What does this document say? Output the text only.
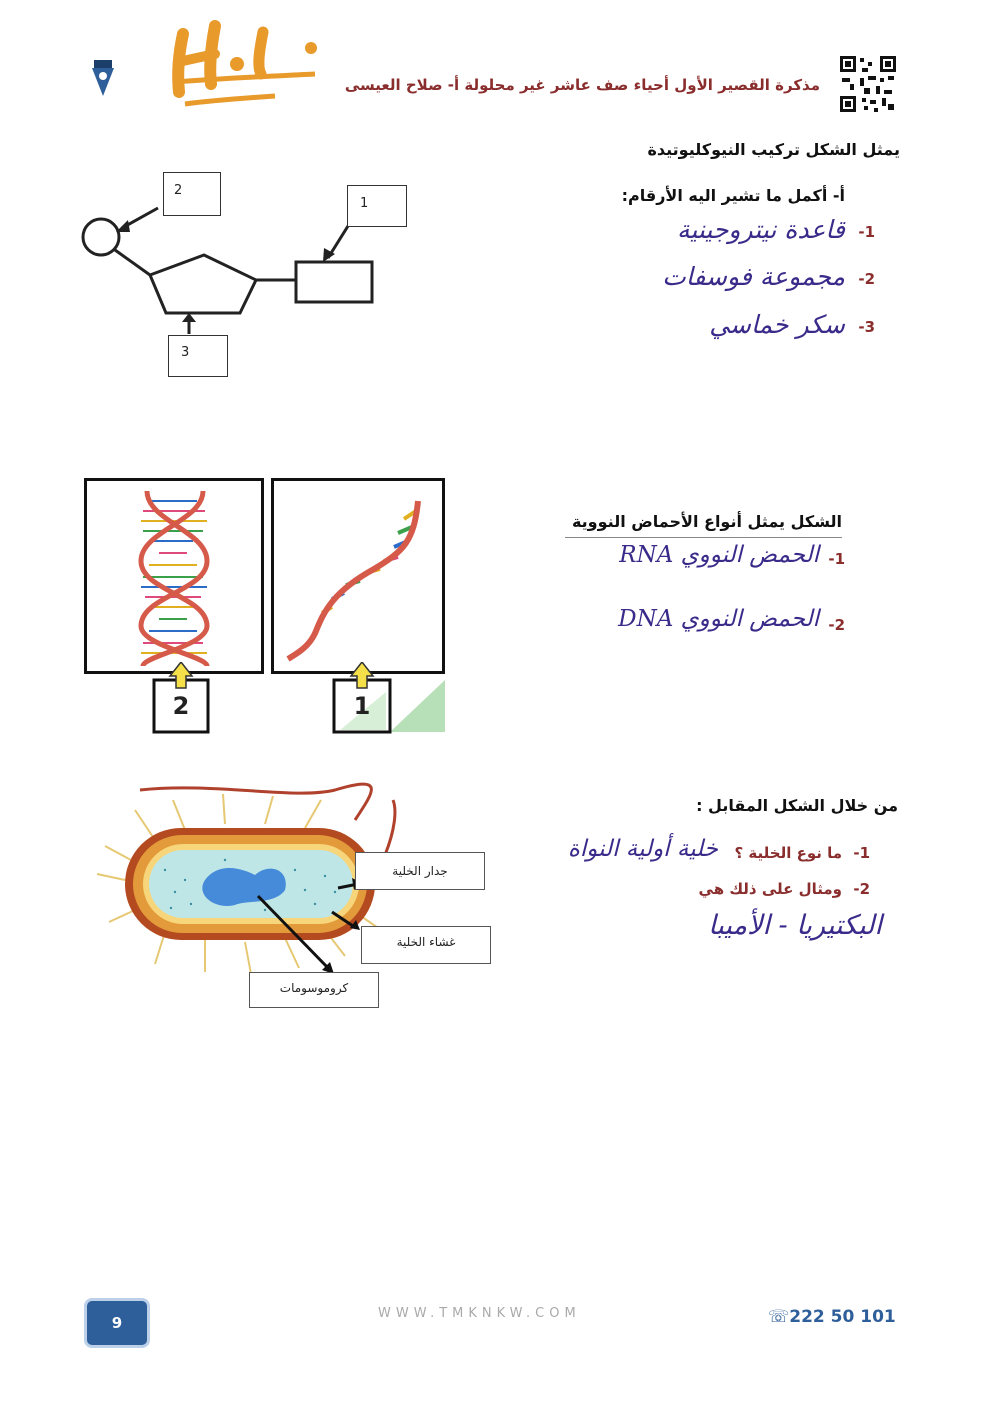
مذكرة القصير الأول أحياء صف عاشر غير محلولة أ- صلاح العيسى
يمثل الشكل تركيب النيوكليوتيدة
2
1
3
أ- أكمل ما تشير اليه الأرقام:
1-
قاعدة نيتروجينية
2-
مجموعة فوسفات
3-
سكر خماسي
2	1
الشكل يمثل أنواع الأحماض النووية
1-
الحمض النووي RNA
2-
الحمض النووي DNA
جدار الخلية
غشاء الخلية
كروموسومات
من خلال الشكل المقابل :
1-
ما نوع الخلية ؟
خلية أولية النواة
2-
ومثال على ذلك هي
البكتيريا - الأميبا
9
WWW.TMKNKW.COM	☏222 50 101
